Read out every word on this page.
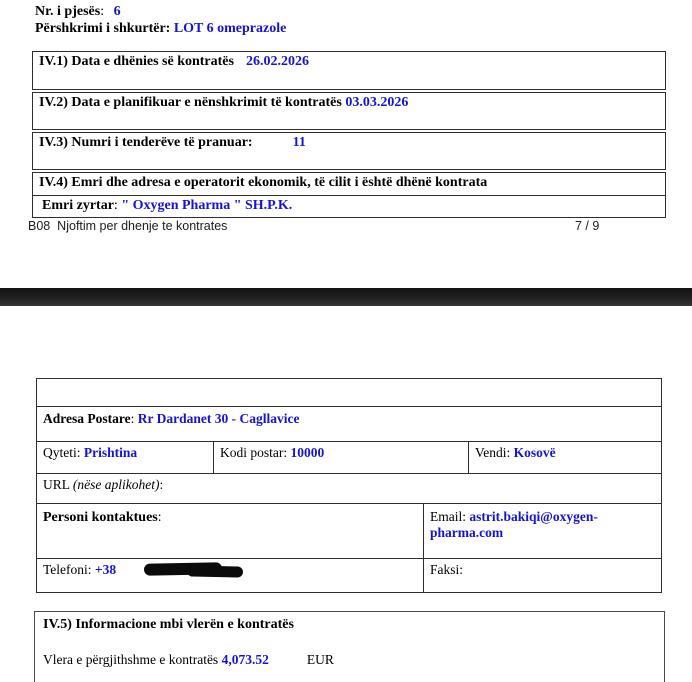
Nr. i pjesës: 6
Përshkrimi i shkurtër: LOT 6 omeprazole
IV.1) Data e dhënies së kontratës 26.02.2026
IV.2) Data e planifikuar e nënshkrimit të kontratës 03.03.2026
IV.3) Numri i tenderëve të pranuar:	11
IV.4) Emri dhe adresa e operatorit ekonomik, të cilit i është dhënë kontrata
Emri zyrtar: " Oxygen Pharma " SH.P.K.
B08  Njoftim per dhenje te kontrates	7 / 9
Adresa Postare: Rr Dardanet 30 - Cagllavice
Qyteti: Prishtina	Kodi postar: 10000	Vendi: Kosovë
URL (nëse aplikohet):
Personi kontaktues:	Email: astrit.bakiqi@oxygen-pharma.com
Telefoni: +38	Faksi:
IV.5) Informacione mbi vlerën e kontratës
Vlera e përgjithshme e kontratës 4,073.52	EUR
